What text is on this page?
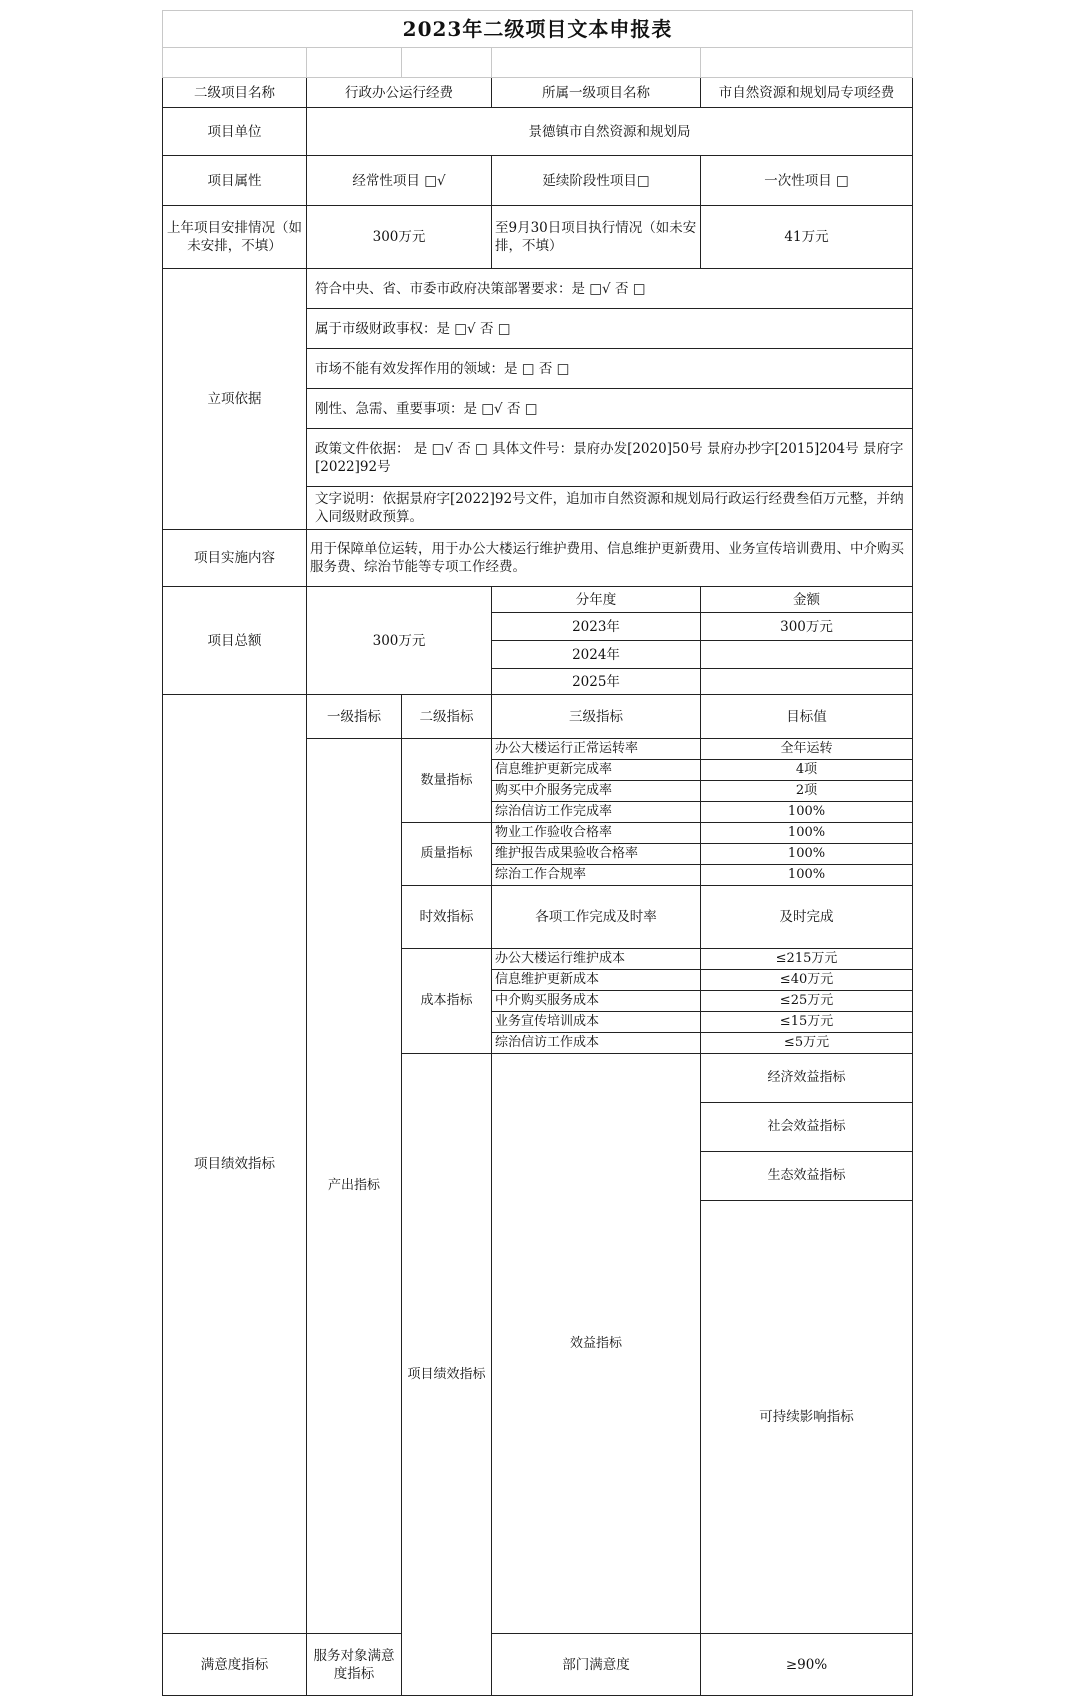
2023年二级项目文本申报表					

二级项目名称	行政办公运行经费		所属一级项目名称	市自然资源和规划局专项经费	
项目单位	景德镇市自然资源和规划局				
项目属性	经常性项目 □√		延续阶段性项目□	一次性项目 □	
上年项目安排情况（如未安排，不填）	300万元		至9月30日项目执行情况（如未安排，不填）	41万元	
立项依据	符合中央、省、市委市政府决策部署要求：是 □√ 否 □				
	属于市级财政事权：是 □√ 否 □				
	市场不能有效发挥作用的领域：是 □ 否 □				
	刚性、急需、重要事项：是 □√ 否 □				
	政策文件依据： 是 □√ 否 □ 具体文件号：景府办发[2020]50号 景府办抄字[2015]204号 景府字[2022]92号				
	文字说明：依据景府字[2022]92号文件，追加市自然资源和规划局行政运行经费叁佰万元整，并纳入同级财政预算。				
项目实施内容	用于保障单位运转，用于办公大楼运行维护费用、信息维护更新费用、业务宣传培训费用、中介购买服务费、综治节能等专项工作经费。				
项目总额	300万元		分年度	金额	
			2023年	300万元	
			2024年		
			2025年		
项目绩效指标	一级指标	二级指标	三级指标	目标值	
	产出指标	数量指标	办公大楼运行正常运转率	全年运转	
			信息维护更新完成率	4项	
			购买中介服务完成率	2项	
			综治信访工作完成率	100%	
		质量指标	物业工作验收合格率	100%	
			维护报告成果验收合格率	100%	
			综治工作合规率	100%	
		时效指标	各项工作完成及时率	及时完成	
		成本指标	办公大楼运行维护成本	≤215万元	
			信息维护更新成本	≤40万元	
			中介购买服务成本	≤25万元	
			业务宣传培训成本	≤15万元	
			综治信访工作成本	≤5万元	
		项目绩效指标	效益指标	经济效益指标		
				社会效益指标		
				生态效益指标		
				可持续影响指标		
满意度指标	服务对象满意度指标		部门满意度	≥90%	
